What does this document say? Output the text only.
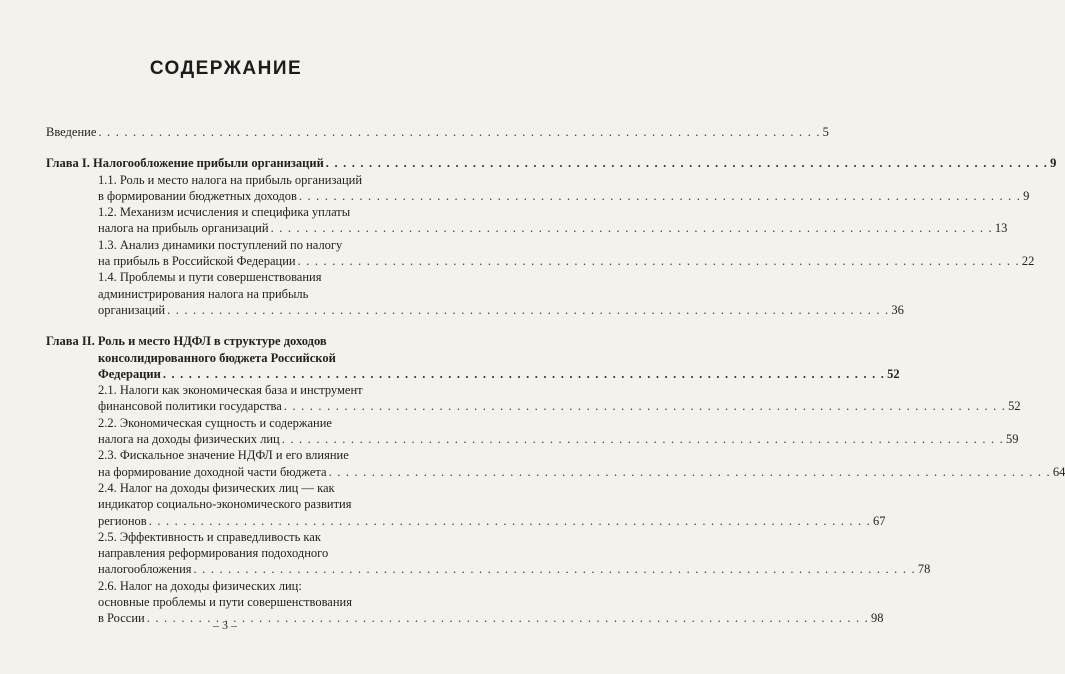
СОДЕРЖАНИЕ
Введение . . .	5
Глава I. Налогообложение прибыли организаций . . .	9
1.1. Роль и место налога на прибыль организаций
в формировании бюджетных доходов . . .	9
1.2. Механизм исчисления и специфика уплаты
налога на прибыль организаций . . .	13
1.3. Анализ динамики поступлений по налогу
на прибыль в Российской Федерации . . .	22
1.4. Проблемы и пути совершенствования
администрирования налога на прибыль
организаций . . .	36
Глава II. Роль и место НДФЛ в структуре доходов
консолидированного бюджета Российской
Федерации . . .	52
2.1. Налоги как экономическая база и инструмент
финансовой политики государства . . .	52
2.2. Экономическая сущность и содержание
налога на доходы физических лиц . . .	59
2.3. Фискальное значение НДФЛ и его влияние
на формирование доходной части бюджета . . .	64
2.4. Налог на доходы физических лиц — как
индикатор социально-экономического развития
регионов . . .	67
2.5. Эффективность и справедливость как
направления реформирования подоходного
налогообложения . . .	78
2.6. Налог на доходы физических лиц:
основные проблемы и пути совершенствования
в России . . .	98
– 3 –
